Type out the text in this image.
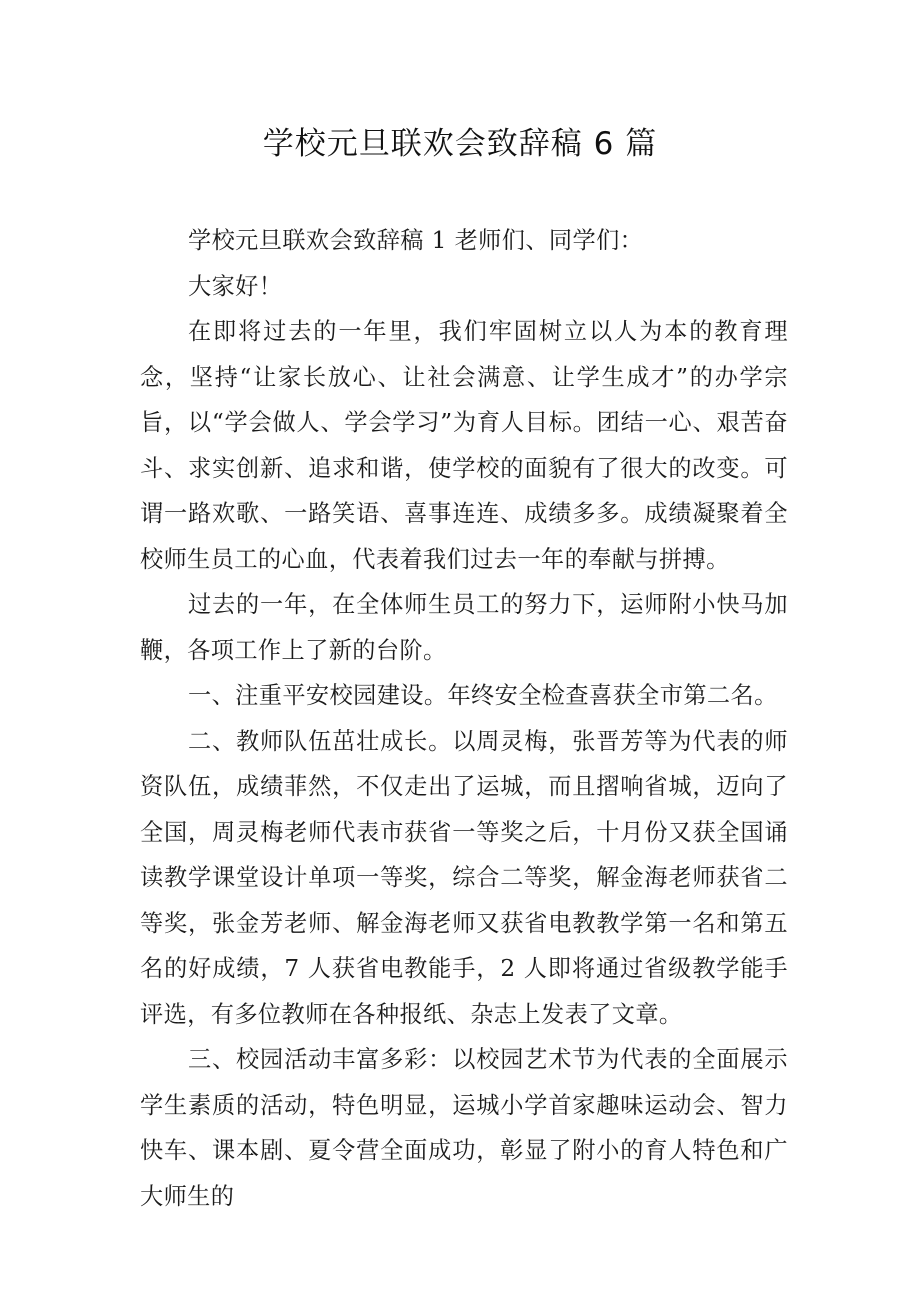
学校元旦联欢会致辞稿 6 篇

学校元旦联欢会致辞稿 1 老师们、同学们：

大家好！

在即将过去的一年里，我们牢固树立以人为本的教育理念，坚持“让家长放心、让社会满意、让学生成才”的办学宗旨，以“学会做人、学会学习”为育人目标。团结一心、艰苦奋斗、求实创新、追求和谐，使学校的面貌有了很大的改变。可谓一路欢歌、一路笑语、喜事连连、成绩多多。成绩凝聚着全校师生员工的心血，代表着我们过去一年的奉献与拼搏。

过去的一年，在全体师生员工的努力下，运师附小快马加鞭，各项工作上了新的台阶。

一、注重平安校园建设。年终安全检查喜获全市第二名。

二、教师队伍茁壮成长。以周灵梅，张晋芳等为代表的师资队伍，成绩菲然，不仅走出了运城，而且摺响省城，迈向了全国，周灵梅老师代表市获省一等奖之后，十月份又获全国诵读教学课堂设计单项一等奖，综合二等奖，解金海老师获省二等奖，张金芳老师、解金海老师又获省电教教学第一名和第五名的好成绩，7 人获省电教能手，2 人即将通过省级教学能手评选，有多位教师在各种报纸、杂志上发表了文章。

三、校园活动丰富多彩：以校园艺术节为代表的全面展示学生素质的活动，特色明显，运城小学首家趣味运动会、智力快车、课本剧、夏令营全面成功，彰显了附小的育人特色和广大师生的
